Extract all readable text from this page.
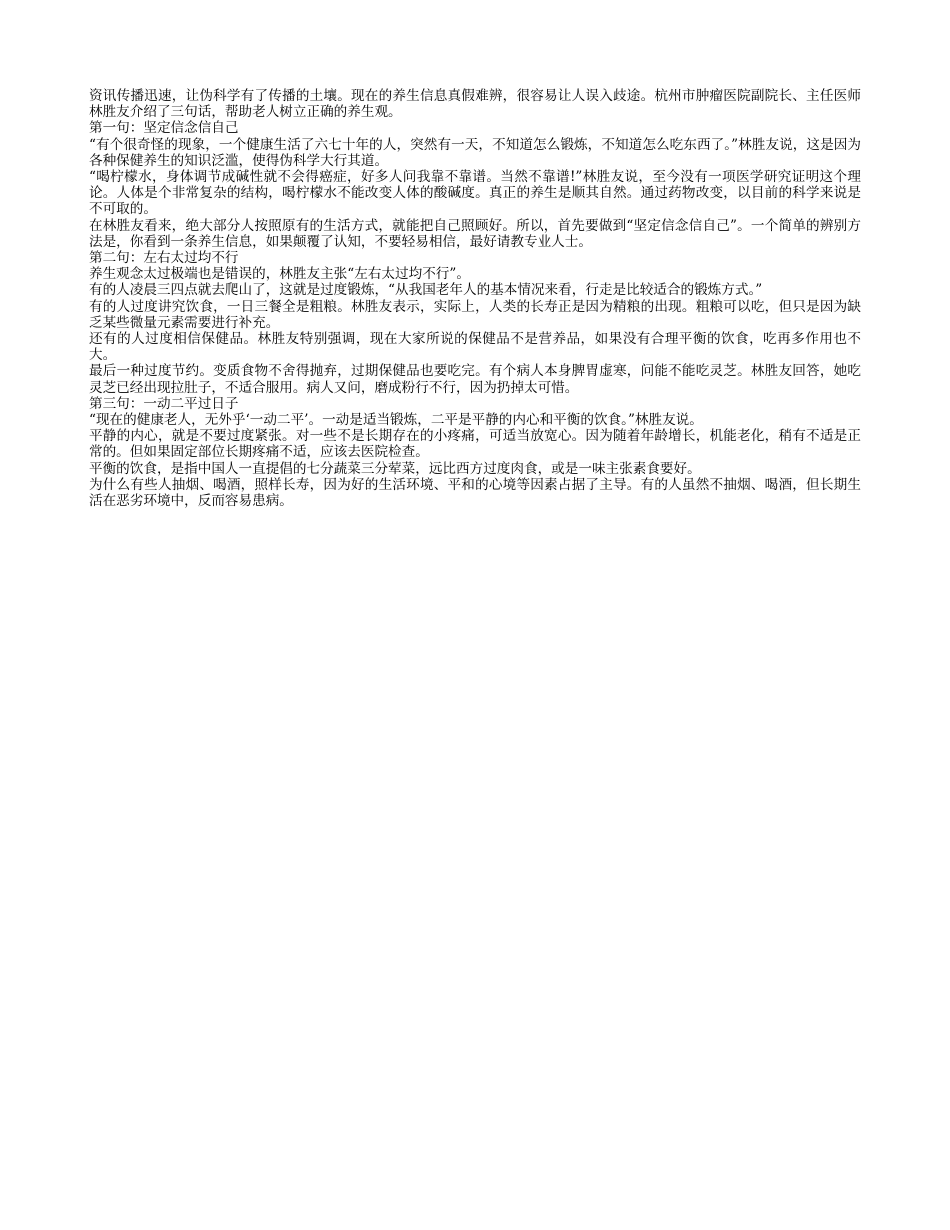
资讯传播迅速，让伪科学有了传播的土壤。现在的养生信息真假难辨，很容易让人误入歧途。杭州市肿瘤医院副院长、主任医师林胜友介绍了三句话，帮助老人树立正确的养生观。
第一句：坚定信念信自己
“有个很奇怪的现象，一个健康生活了六七十年的人，突然有一天，不知道怎么锻炼，不知道怎么吃东西了。”林胜友说，这是因为各种保健养生的知识泛滥，使得伪科学大行其道。
“喝柠檬水，身体调节成碱性就不会得癌症，好多人问我靠不靠谱。当然不靠谱!”林胜友说，至今没有一项医学研究证明这个理论。人体是个非常复杂的结构，喝柠檬水不能改变人体的酸碱度。真正的养生是顺其自然。通过药物改变，以目前的科学来说是不可取的。
在林胜友看来，绝大部分人按照原有的生活方式，就能把自己照顾好。所以，首先要做到“坚定信念信自己”。一个简单的辨别方法是，你看到一条养生信息，如果颠覆了认知，不要轻易相信，最好请教专业人士。
第二句：左右太过均不行
养生观念太过极端也是错误的，林胜友主张“左右太过均不行”。
有的人凌晨三四点就去爬山了，这就是过度锻炼，“从我国老年人的基本情况来看，行走是比较适合的锻炼方式。”
有的人过度讲究饮食，一日三餐全是粗粮。林胜友表示，实际上，人类的长寿正是因为精粮的出现。粗粮可以吃，但只是因为缺乏某些微量元素需要进行补充。
还有的人过度相信保健品。林胜友特别强调，现在大家所说的保健品不是营养品，如果没有合理平衡的饮食，吃再多作用也不大。
最后一种过度节约。变质食物不舍得抛弃，过期保健品也要吃完。有个病人本身脾胃虚寒，问能不能吃灵芝。林胜友回答，她吃灵芝已经出现拉肚子，不适合服用。病人又问，磨成粉行不行，因为扔掉太可惜。
第三句：一动二平过日子
“现在的健康老人，无外乎‘一动二平’。一动是适当锻炼，二平是平静的内心和平衡的饮食。”林胜友说。
平静的内心，就是不要过度紧张。对一些不是长期存在的小疼痛，可适当放宽心。因为随着年龄增长，机能老化，稍有不适是正常的。但如果固定部位长期疼痛不适，应该去医院检查。
平衡的饮食，是指中国人一直提倡的七分蔬菜三分荤菜，远比西方过度肉食，或是一味主张素食要好。
为什么有些人抽烟、喝酒，照样长寿，因为好的生活环境、平和的心境等因素占据了主导。有的人虽然不抽烟、喝酒，但长期生活在恶劣环境中，反而容易患病。
